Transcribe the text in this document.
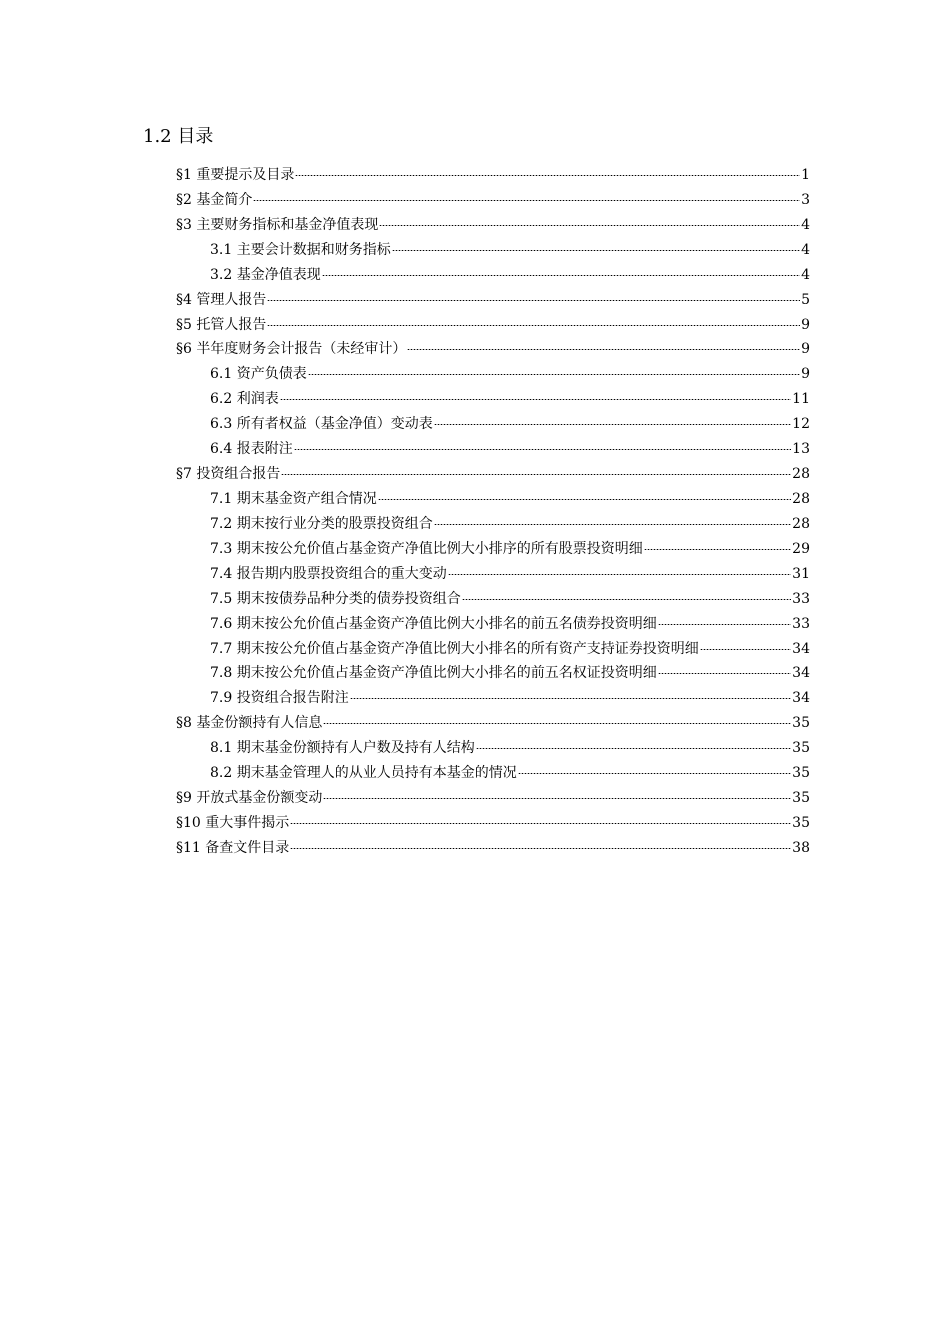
1.2 目录
§1 重要提示及目录	1
§2 基金简介	3
§3 主要财务指标和基金净值表现	4
3.1 主要会计数据和财务指标	4
3.2 基金净值表现	4
§4 管理人报告	5
§5 托管人报告	9
§6 半年度财务会计报告（未经审计）	9
6.1 资产负债表	9
6.2 利润表	11
6.3 所有者权益（基金净值）变动表	12
6.4 报表附注	13
§7 投资组合报告	28
7.1 期末基金资产组合情况	28
7.2 期末按行业分类的股票投资组合	28
7.3 期末按公允价值占基金资产净值比例大小排序的所有股票投资明细	29
7.4 报告期内股票投资组合的重大变动	31
7.5 期末按债券品种分类的债券投资组合	33
7.6 期末按公允价值占基金资产净值比例大小排名的前五名债券投资明细	33
7.7 期末按公允价值占基金资产净值比例大小排名的所有资产支持证券投资明细	34
7.8 期末按公允价值占基金资产净值比例大小排名的前五名权证投资明细	34
7.9 投资组合报告附注	34
§8 基金份额持有人信息	35
8.1 期末基金份额持有人户数及持有人结构	35
8.2 期末基金管理人的从业人员持有本基金的情况	35
§9 开放式基金份额变动	35
§10 重大事件揭示	35
§11 备查文件目录	38
